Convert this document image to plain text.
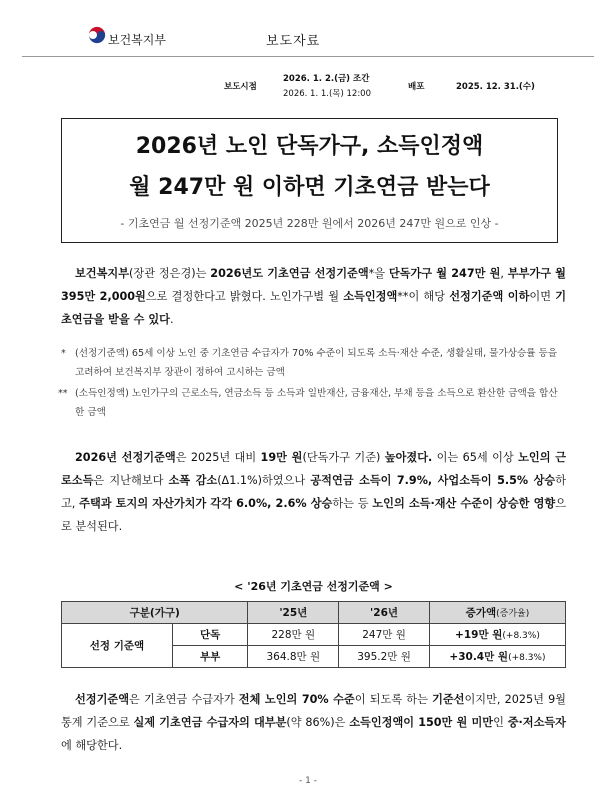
보건복지부	보도자료
보도시점
2026. 1. 2.(금) 조간
2026. 1. 1.(목) 12:00
배포	2025. 12. 31.(수)
2026년 노인 단독가구, 소득인정액
월 247만 원 이하면 기초연금 받는다
- 기초연금 월 선정기준액 2025년 228만 원에서 2026년 247만 원으로 인상 -
보건복지부(장관 정은경)는 2026년도 기초연금 선정기준액*을 단독가구 월 247만 원, 부부가구 월 395만 2,000원으로 결정한다고 밝혔다. 노인가구별 월 소득인정액**이 해당 선정기준액 이하이면 기초연금을 받을 수 있다.
* (선정기준액) 65세 이상 노인 중 기초연금 수급자가 70% 수준이 되도록 소득·재산 수준, 생활실태, 물가상승률 등을 고려하여 보건복지부 장관이 정하여 고시하는 금액
** (소득인정액) 노인가구의 근로소득, 연금소득 등 소득과 일반재산, 금융재산, 부채 등을 소득으로 환산한 금액을 합산한 금액
2026년 선정기준액은 2025년 대비 19만 원(단독가구 기준) 높아졌다. 이는 65세 이상 노인의 근로소득은 지난해보다 소폭 감소(Δ1.1%)하였으나 공적연금 소득이 7.9%, 사업소득이 5.5% 상승하고, 주택과 토지의 자산가치가 각각 6.0%, 2.6% 상승하는 등 노인의 소득·재산 수준이 상승한 영향으로 분석된다.
< '26년 기초연금 선정기준액 >
구분(가구)		'25년	'26년	증가액(증가율)
선정 기준액	단독	228만 원	247만 원	+19만 원(+8.3%)
	부부	364.8만 원	395.2만 원	+30.4만 원(+8.3%)
선정기준액은 기초연금 수급자가 전체 노인의 70% 수준이 되도록 하는 기준선이지만, 2025년 9월 통계 기준으로 실제 기초연금 수급자의 대부분(약 86%)은 소득인정액이 150만 원 미만인 중·저소득자에 해당한다.
- 1 -
